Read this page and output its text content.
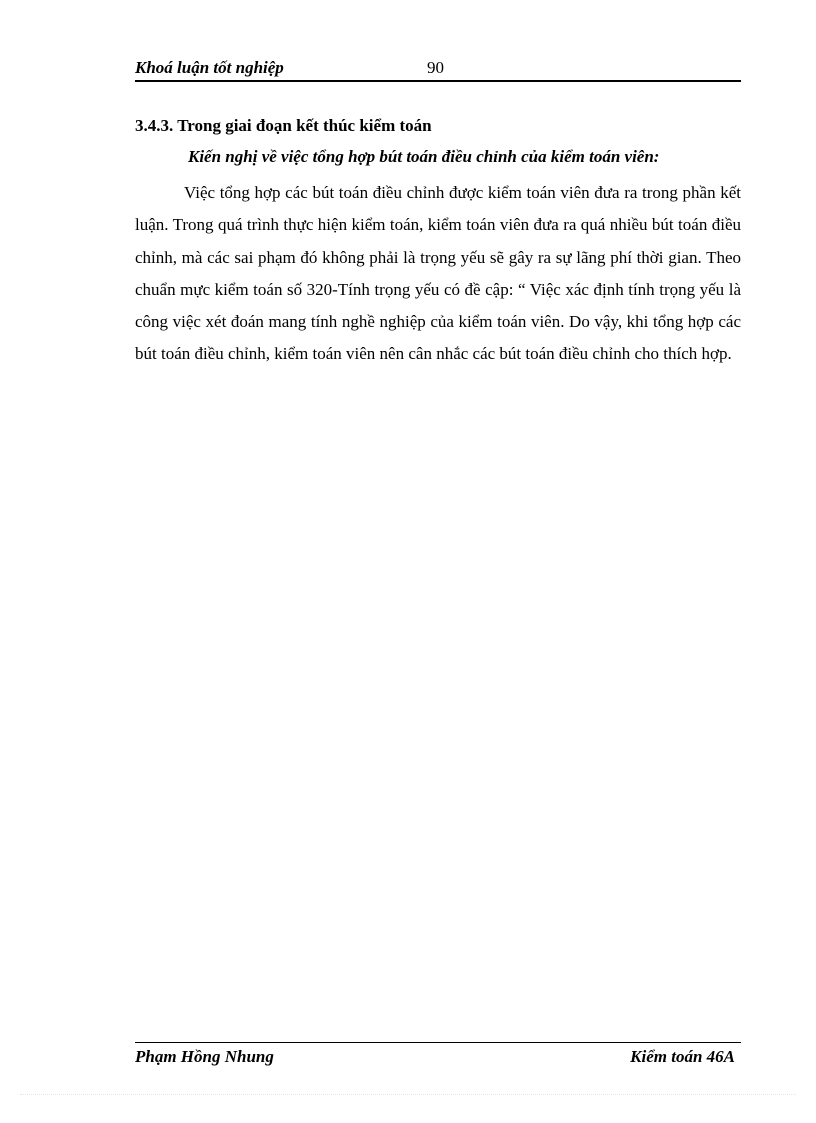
Khoá luận tốt nghiệp	90
3.4.3. Trong giai đoạn kết thúc kiểm toán
Kiến nghị về việc tổng hợp bút toán điều chỉnh của kiểm toán viên:

Việc tổng hợp các bút toán điều chỉnh được kiểm toán viên đưa ra trong phần kết luận. Trong quá trình thực hiện kiểm toán, kiểm toán viên đưa ra quá nhiều bút toán điều chỉnh, mà các sai phạm đó không phải là trọng yếu sẽ gây ra sự lãng phí thời gian. Theo chuẩn mực kiểm toán số 320-Tính trọng yếu có đề cập: “ Việc xác định tính trọng yếu là công việc xét đoán mang tính nghề nghiệp của kiểm toán viên. Do vậy, khi tổng hợp các bút toán điều chỉnh, kiểm toán viên nên cân nhắc các bút toán điều chỉnh cho thích hợp.

Phạm Hồng Nhung	Kiểm toán 46A
